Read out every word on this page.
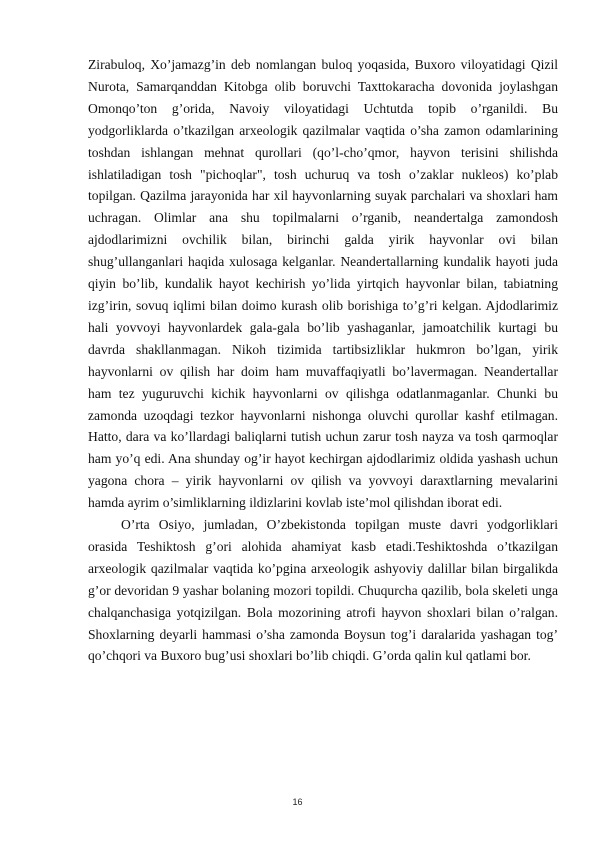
Zirabuloq, Xo’jamazg’in deb nomlangan buloq yoqasida, Buxoro viloyatidagi Qizil Nurota, Samarqanddan Kitobga olib boruvchi Taxttokaracha dovonida joylashgan Omonqo’ton g’orida, Navoiy viloyatidagi Uchtutda topib o’rganildi. Bu yodgorliklarda o’tkazilgan arxeologik qazilmalar vaqtida o’sha zamon odamlarining toshdan ishlangan mehnat qurollari (qo’l-cho’qmor, hayvon terisini shilishda ishlatiladigan tosh "pichoqlar", tosh uchuruq va tosh o’zaklar nukleos) ko’plab topilgan. Qazilma jarayonida har xil hayvonlarning suyak parchalari va shoxlari ham uchragan. Olimlar ana shu topilmalarni o’rganib, neandertalga zamondosh ajdodlarimizni ovchilik bilan, birinchi galda yirik hayvonlar ovi bilan shug’ullanganlari haqida xulosaga kelganlar. Neandertallarning kundalik hayoti juda qiyin bo’lib, kundalik hayot kechirish yo’lida yirtqich hayvonlar bilan, tabiatning izg’irin, sovuq iqlimi bilan doimo kurash olib borishiga to’g’ri kelgan. Ajdodlarimiz hali yovvoyi hayvonlardek gala-gala bo’lib yashaganlar, jamoatchilik kurtagi bu davrda shakllanmagan. Nikoh tizimida tartibsizliklar hukmron bo’lgan, yirik hayvonlarni ov qilish har doim ham muvaffaqiyatli bo’lavermagan. Neandertallar ham tez yuguruvchi kichik hayvonlarni ov qilishga odatlanmaganlar. Chunki bu zamonda uzoqdagi tezkor hayvonlarni nishonga oluvchi qurollar kashf etilmagan. Hatto, dara va ko’llardagi baliqlarni tutish uchun zarur tosh nayza va tosh qarmoqlar ham yo’q edi. Ana shunday og’ir hayot kechirgan ajdodlarimiz oldida yashash uchun yagona chora – yirik hayvonlarni ov qilish va yovvoyi daraxtlarning mevalarini hamda ayrim o’simliklarning ildizlarini kovlab iste’mol qilishdan iborat edi.

O’rta Osiyo, jumladan, O’zbekistonda topilgan muste davri yodgorliklari orasida Teshiktosh g’ori alohida ahamiyat kasb etadi.Teshiktoshda o’tkazilgan arxeologik qazilmalar vaqtida ko’pgina arxeologik ashyoviy dalillar bilan birgalikda g’or devoridan 9 yashar bolaning mozori topildi. Chuqurcha qazilib, bola skeleti unga chalqanchasiga yotqizilgan. Bola mozorining atrofi hayvon shoxlari bilan o’ralgan. Shoxlarning deyarli hammasi o’sha zamonda Boysun tog’i daralarida yashagan tog’ qo’chqori va Buxoro bug’usi shoxlari bo’lib chiqdi. G’orda qalin kul qatlami bor.

16
